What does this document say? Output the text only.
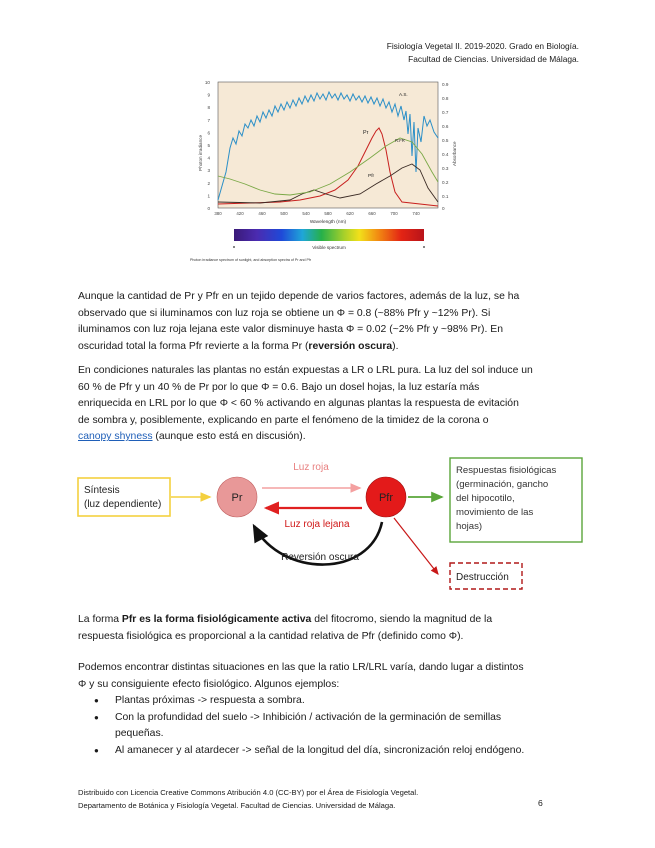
Fisiología Vegetal II. 2019-2020. Grado en Biología.
Facultad de Ciencias. Universidad de Málaga.
10
9
8
7
6
5
4
3
2
1
0
0.9
0.8
0.7
0.6
0.5
0.4
0.3
0.2
0.1
0
Photon irradiance	Absorbance
380	420	460	500	540	580	620	660	700	740
Wavelength (nm)
A.S.
Pr
Pfr
R:FR
Visible spectrum
Photon irradiance spectrum of sunlight, and absorption spectra of Pr and Pfr
Aunque la cantidad de Pr y Pfr en un tejido depende de varios factores, además de la luz, se ha
observado que si iluminamos con luz roja se obtiene un Φ = 0.8 (~88% Pfr y ~12% Pr). Si
iluminamos con luz roja lejana este valor disminuye hasta Φ = 0.02 (~2% Pfr y ~98% Pr). En
oscuridad total la forma Pfr revierte a la forma Pr (reversión oscura).
En condiciones naturales las plantas no están expuestas a LR o LRL pura. La luz del sol induce un
60 % de Pfr y un 40 % de Pr por lo que Φ = 0.6. Bajo un dosel hojas, la luz estaría más
enriquecida en LRL por lo que Φ < 60 % activando en algunas plantas la respuesta de evitación
de sombra y, posiblemente, explicando en parte el fenómeno de la timidez de la corona o
canopy shyness (aunque esto está en discusión).
Síntesis
(luz dependiente)
Pr	Pfr
Luz roja
Luz roja lejana
Reversión oscura
Respuestas fisiológicas
(germinación, gancho
del hipocotilo,
movimiento de las
hojas)
Destrucción
La forma Pfr es la forma fisiológicamente activa del fitocromo, siendo la magnitud de la
respuesta fisiológica es proporcional a la cantidad relativa de Pfr (definido como Φ).
Podemos encontrar distintas situaciones en las que la ratio LR/LRL varía, dando lugar a distintos
Φ y su consiguiente efecto fisiológico. Algunos ejemplos:
● Plantas próximas -> respuesta a sombra.
● Con la profundidad del suelo -> Inhibición / activación de la germinación de semillas
pequeñas.
● Al amanecer y al atardecer -> señal de la longitud del día, sincronización reloj endógeno.
Distribuido con Licencia Creative Commons Atribución 4.0 (CC-BY) por el Área de Fisiología Vegetal.
Departamento de Botánica y Fisiología Vegetal. Facultad de Ciencias. Universidad de Málaga.	6
